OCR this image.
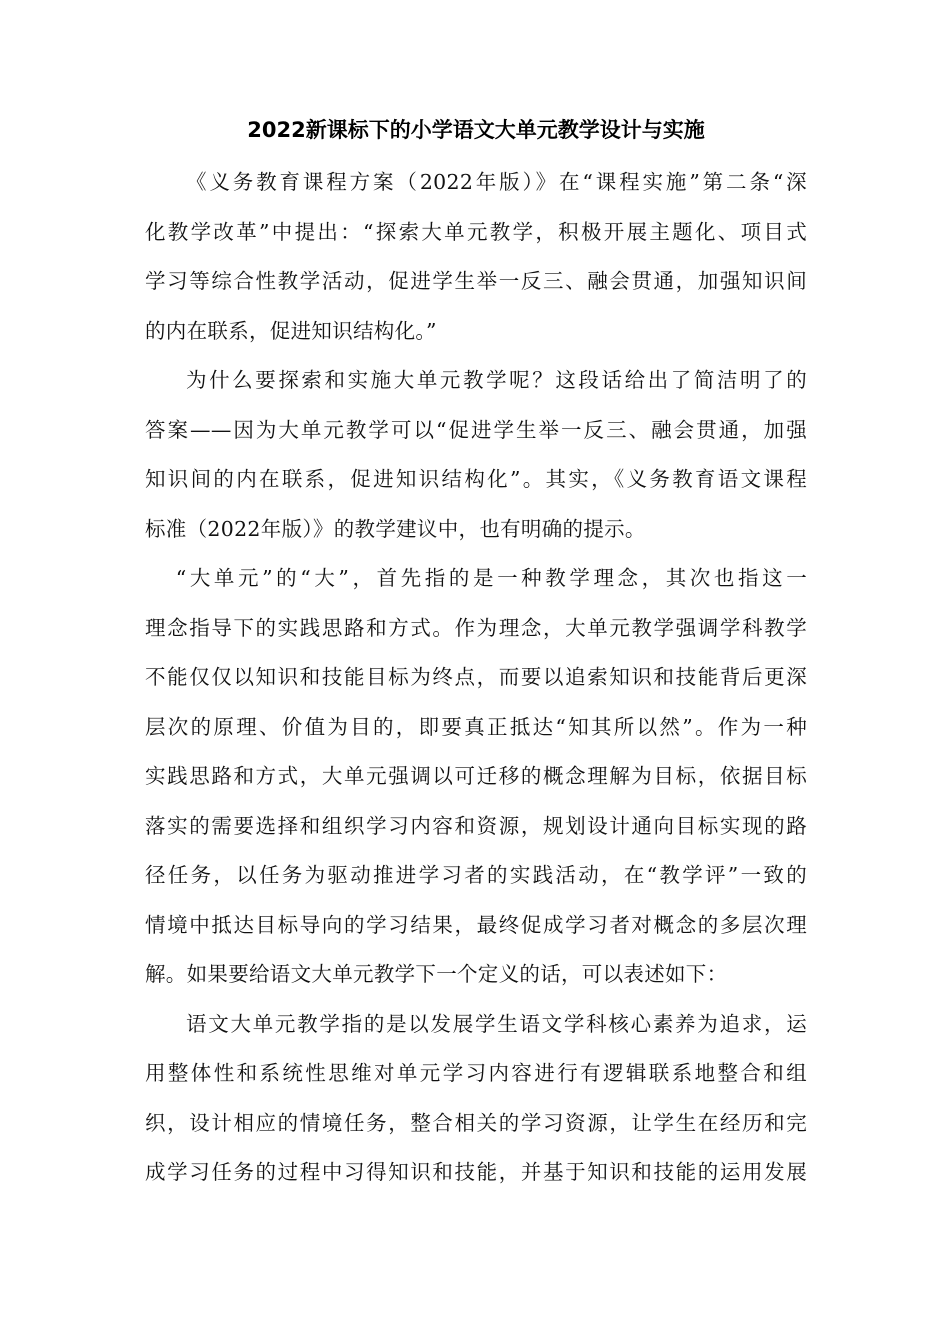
2022新课标下的小学语文大单元教学设计与实施
《义务教育课程方案（2022年版）》在“课程实施”第二条“深
化教学改革”中提出：“探索大单元教学，积极开展主题化、项目式
学习等综合性教学活动，促进学生举一反三、融会贯通，加强知识间
的内在联系，促进知识结构化。”
为什么要探索和实施大单元教学呢？这段话给出了简洁明了的
答案——因为大单元教学可以“促进学生举一反三、融会贯通，加强
知识间的内在联系，促进知识结构化”。其实，《义务教育语文课程
标准（2022年版）》的教学建议中，也有明确的提示。
“大单元”的“大”，首先指的是一种教学理念，其次也指这一
理念指导下的实践思路和方式。作为理念，大单元教学强调学科教学
不能仅仅以知识和技能目标为终点，而要以追索知识和技能背后更深
层次的原理、价值为目的，即要真正抵达“知其所以然”。作为一种
实践思路和方式，大单元强调以可迁移的概念理解为目标，依据目标
落实的需要选择和组织学习内容和资源，规划设计通向目标实现的路
径任务，以任务为驱动推进学习者的实践活动，在“教学评”一致的
情境中抵达目标导向的学习结果，最终促成学习者对概念的多层次理
解。如果要给语文大单元教学下一个定义的话，可以表述如下：
语文大单元教学指的是以发展学生语文学科核心素养为追求，运
用整体性和系统性思维对单元学习内容进行有逻辑联系地整合和组
织，设计相应的情境任务，整合相关的学习资源，让学生在经历和完
成学习任务的过程中习得知识和技能，并基于知识和技能的运用发展
